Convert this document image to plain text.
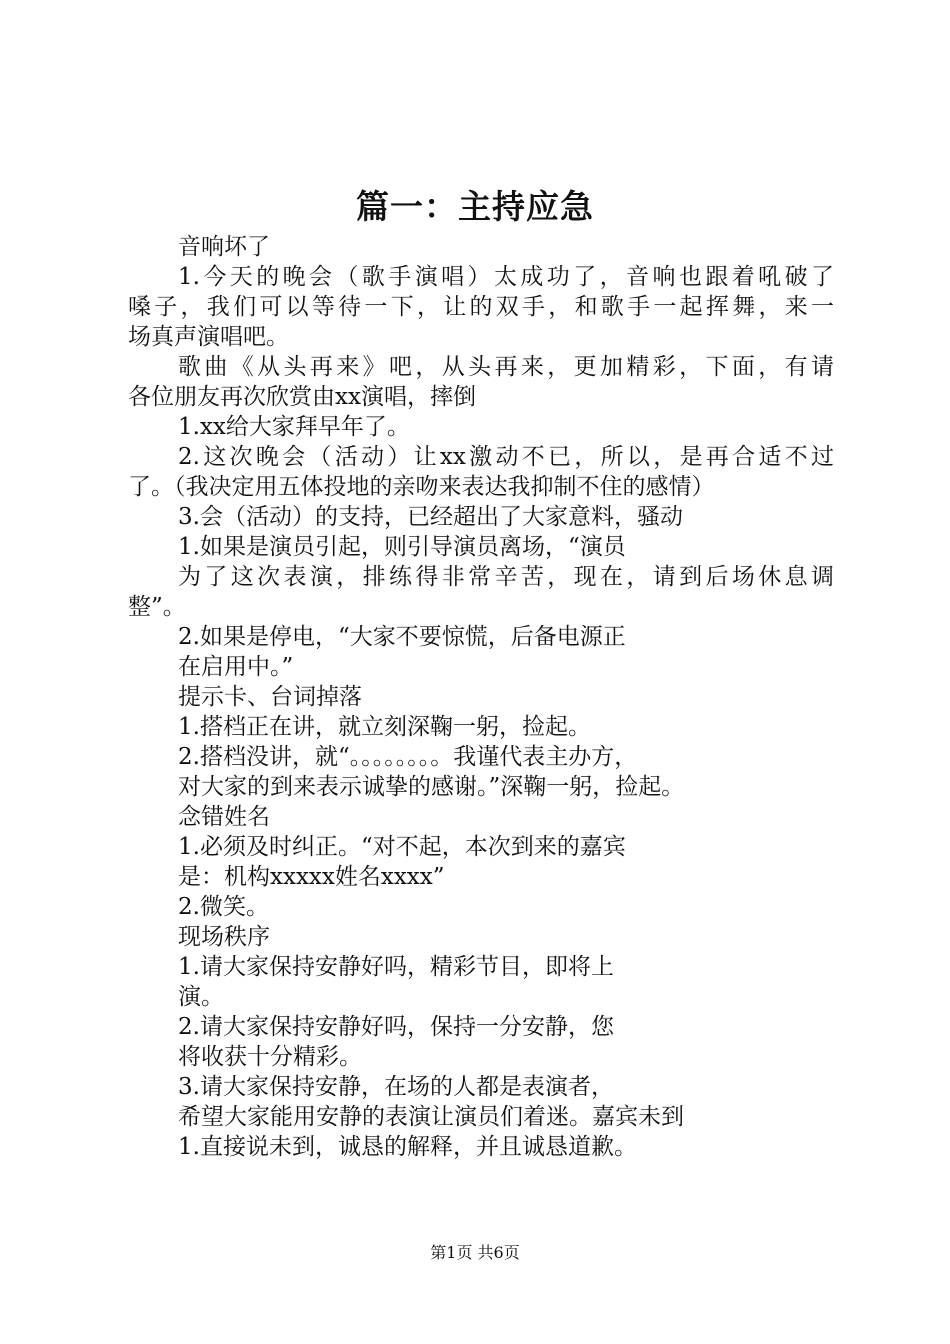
篇一：主持应急
音响坏了
1.今天的晚会（歌手演唱）太成功了，音响也跟着吼破了
嗓子，我们可以等待一下，让的双手，和歌手一起挥舞，来一
场真声演唱吧。
歌曲《从头再来》吧，从头再来，更加精彩，下面，有请
各位朋友再次欣赏由xx演唱，摔倒
1.xx给大家拜早年了。
2.这次晚会（活动）让xx激动不已，所以，是再合适不过
了。（我决定用五体投地的亲吻来表达我抑制不住的感情）
3.会（活动）的支持，已经超出了大家意料，骚动
1.如果是演员引起，则引导演员离场，“演员
为了这次表演，排练得非常辛苦，现在，请到后场休息调
整”。
2.如果是停电，“大家不要惊慌，后备电源正
在启用中。”
提示卡、台词掉落
1.搭档正在讲，就立刻深鞠一躬，捡起。
2.搭档没讲，就“。。。。。。。。我谨代表主办方，
对大家的到来表示诚挚的感谢。”深鞠一躬，捡起。
念错姓名
1.必须及时纠正。“对不起，本次到来的嘉宾
是：机构xxxxx姓名xxxx”
2.微笑。
现场秩序
1.请大家保持安静好吗，精彩节目，即将上
演。
2.请大家保持安静好吗，保持一分安静，您
将收获十分精彩。
3.请大家保持安静，在场的人都是表演者，
希望大家能用安静的表演让演员们着迷。嘉宾未到
1.直接说未到，诚恳的解释，并且诚恳道歉。
第1页 共6页
